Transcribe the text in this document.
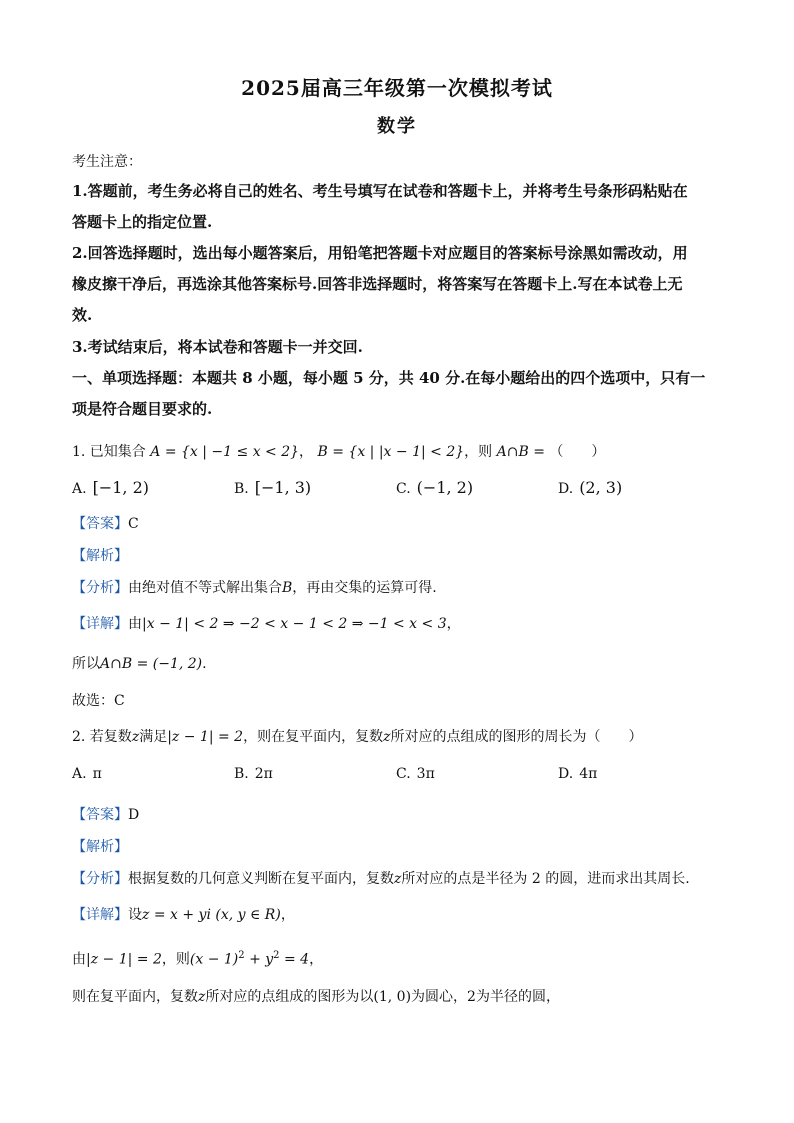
2025届高三年级第一次模拟考试
数学
考生注意：
1.答题前，考生务必将自己的姓名、考生号填写在试卷和答题卡上，并将考生号条形码粘贴在
答题卡上的指定位置.
2.回答选择题时，选出每小题答案后，用铅笔把答题卡对应题目的答案标号涂黑如需改动，用
橡皮擦干净后，再选涂其他答案标号.回答非选择题时，将答案写在答题卡上.写在本试卷上无
效.
3.考试结束后，将本试卷和答题卡一并交回.
一、单项选择题：本题共 8 小题，每小题 5 分，共 40 分.在每小题给出的四个选项中，只有一
项是符合题目要求的.
1. 已知集合 A = {x | −1 ≤ x < 2}， B = {x | |x − 1| < 2}，则 A∩B = （　　）
A. [−1, 2)	B. [−1, 3)	C. (−1, 2)	D. (2, 3)
【答案】C
【解析】
【分析】由绝对值不等式解出集合B，再由交集的运算可得.
【详解】由|x − 1| < 2 ⇒ −2 < x − 1 < 2 ⇒ −1 < x < 3，
所以A∩B = (−1, 2).
故选：C
2. 若复数z满足|z − 1| = 2，则在复平面内，复数z所对应的点组成的图形的周长为（　　）
A. π	B. 2π	C. 3π	D. 4π
【答案】D
【解析】
【分析】根据复数的几何意义判断在复平面内，复数z所对应的点是半径为 2 的圆，进而求出其周长.
【详解】设z = x + yi (x, y ∈ R)，
由|z − 1| = 2，则$(x - 1)^2 + y^2 = 4$，
则在复平面内，复数z所对应的点组成的图形为以(1, 0)为圆心，2为半径的圆，
